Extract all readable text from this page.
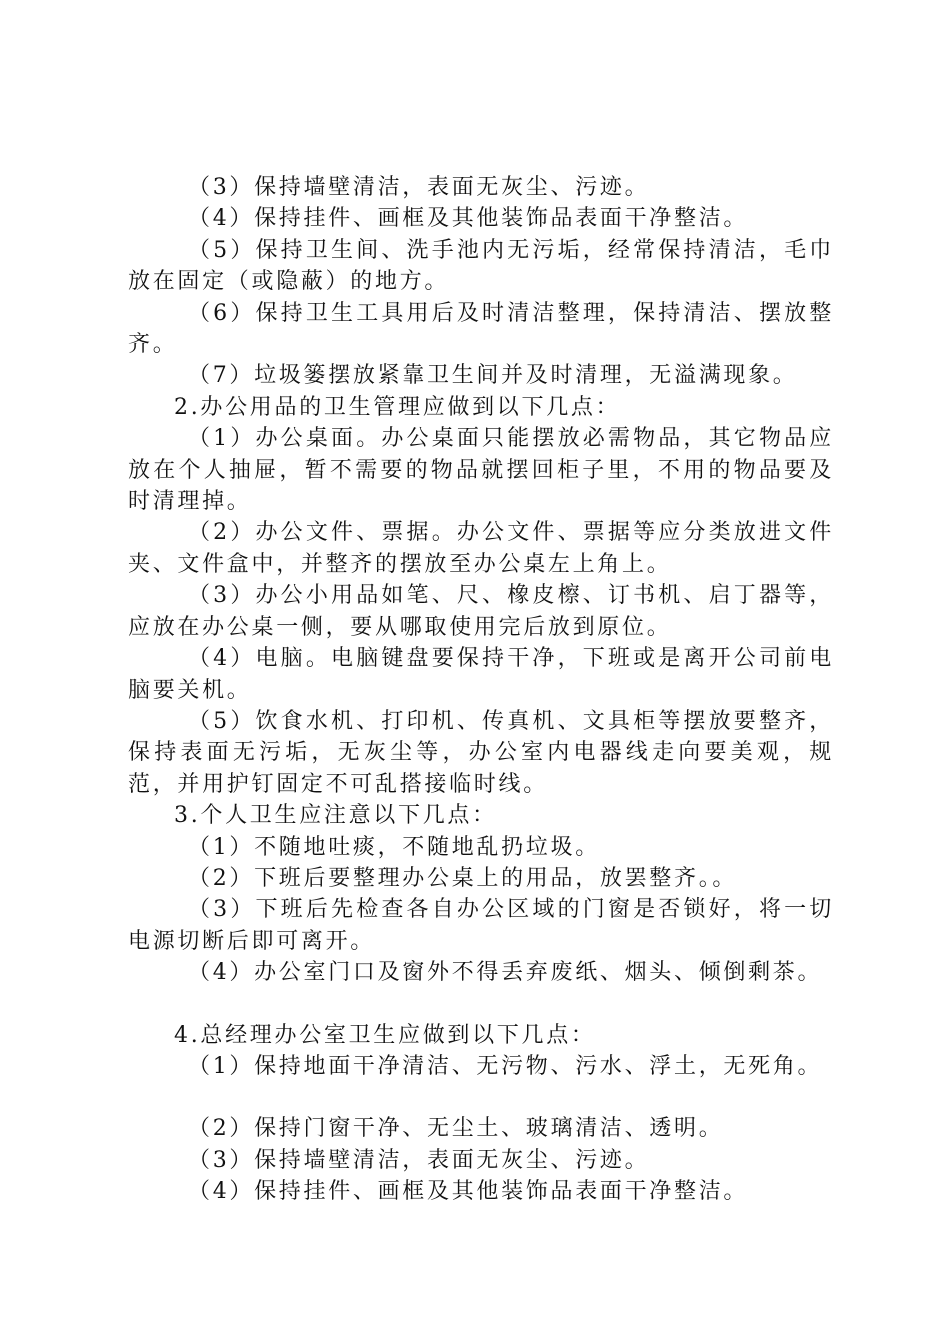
（3）保持墙壁清洁，表面无灰尘、污迹。

（4）保持挂件、画框及其他装饰品表面干净整洁。

（5）保持卫生间、洗手池内无污垢，经常保持清洁，毛巾放在固定（或隐蔽）的地方。

（6）保持卫生工具用后及时清洁整理，保持清洁、摆放整齐。

（7）垃圾篓摆放紧靠卫生间并及时清理，无溢满现象。

2.办公用品的卫生管理应做到以下几点：

（1）办公桌面。办公桌面只能摆放必需物品，其它物品应放在个人抽屉，暂不需要的物品就摆回柜子里，不用的物品要及时清理掉。

（2）办公文件、票据。办公文件、票据等应分类放进文件夹、文件盒中，并整齐的摆放至办公桌左上角上。

（3）办公小用品如笔、尺、橡皮檫、订书机、启丁器等，应放在办公桌一侧，要从哪取使用完后放到原位。

（4）电脑。电脑键盘要保持干净，下班或是离开公司前电脑要关机。

（5）饮食水机、打印机、传真机、文具柜等摆放要整齐，保持表面无污垢，无灰尘等，办公室内电器线走向要美观，规范，并用护钉固定不可乱搭接临时线。

3.个人卫生应注意以下几点：

（1）不随地吐痰，不随地乱扔垃圾。

（2）下班后要整理办公桌上的用品，放罢整齐。。

（3）下班后先检查各自办公区域的门窗是否锁好，将一切电源切断后即可离开。

（4）办公室门口及窗外不得丢弃废纸、烟头、倾倒剩茶。

4.总经理办公室卫生应做到以下几点：

（1）保持地面干净清洁、无污物、污水、浮土，无死角。

（2）保持门窗干净、无尘土、玻璃清洁、透明。

（3）保持墙壁清洁，表面无灰尘、污迹。

（4）保持挂件、画框及其他装饰品表面干净整洁。
